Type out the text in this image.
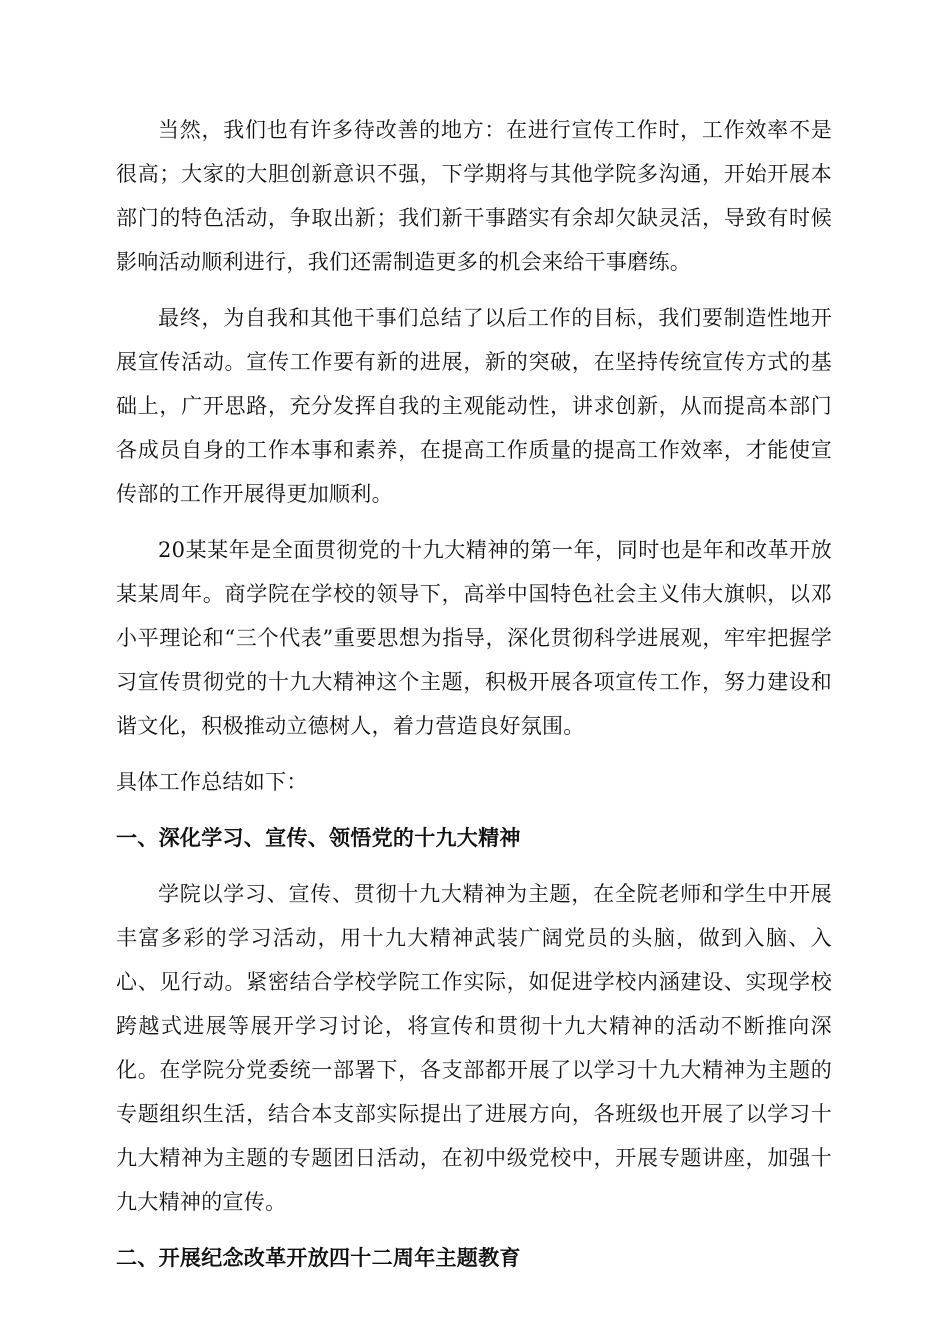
当然，我们也有许多待改善的地方：在进行宣传工作时，工作效率不是很高；大家的大胆创新意识不强，下学期将与其他学院多沟通，开始开展本部门的特色活动，争取出新；我们新干事踏实有余却欠缺灵活，导致有时候影响活动顺利进行，我们还需制造更多的机会来给干事磨练。

最终，为自我和其他干事们总结了以后工作的目标，我们要制造性地开展宣传活动。宣传工作要有新的进展，新的突破，在坚持传统宣传方式的基础上，广开思路，充分发挥自我的主观能动性，讲求创新，从而提高本部门各成员自身的工作本事和素养，在提高工作质量的提高工作效率，才能使宣传部的工作开展得更加顺利。

20某某年是全面贯彻党的十九大精神的第一年，同时也是年和改革开放某某周年。商学院在学校的领导下，高举中国特色社会主义伟大旗帜，以邓小平理论和“三个代表”重要思想为指导，深化贯彻科学进展观，牢牢把握学习宣传贯彻党的十九大精神这个主题，积极开展各项宣传工作，努力建设和谐文化，积极推动立德树人，着力营造良好氛围。

具体工作总结如下：

一、深化学习、宣传、领悟党的十九大精神

学院以学习、宣传、贯彻十九大精神为主题，在全院老师和学生中开展丰富多彩的学习活动，用十九大精神武装广阔党员的头脑，做到入脑、入心、见行动。紧密结合学校学院工作实际，如促进学校内涵建设、实现学校跨越式进展等展开学习讨论，将宣传和贯彻十九大精神的活动不断推向深化。在学院分党委统一部署下，各支部都开展了以学习十九大精神为主题的专题组织生活，结合本支部实际提出了进展方向，各班级也开展了以学习十九大精神为主题的专题团日活动，在初中级党校中，开展专题讲座，加强十九大精神的宣传。

二、开展纪念改革开放四十二周年主题教育
